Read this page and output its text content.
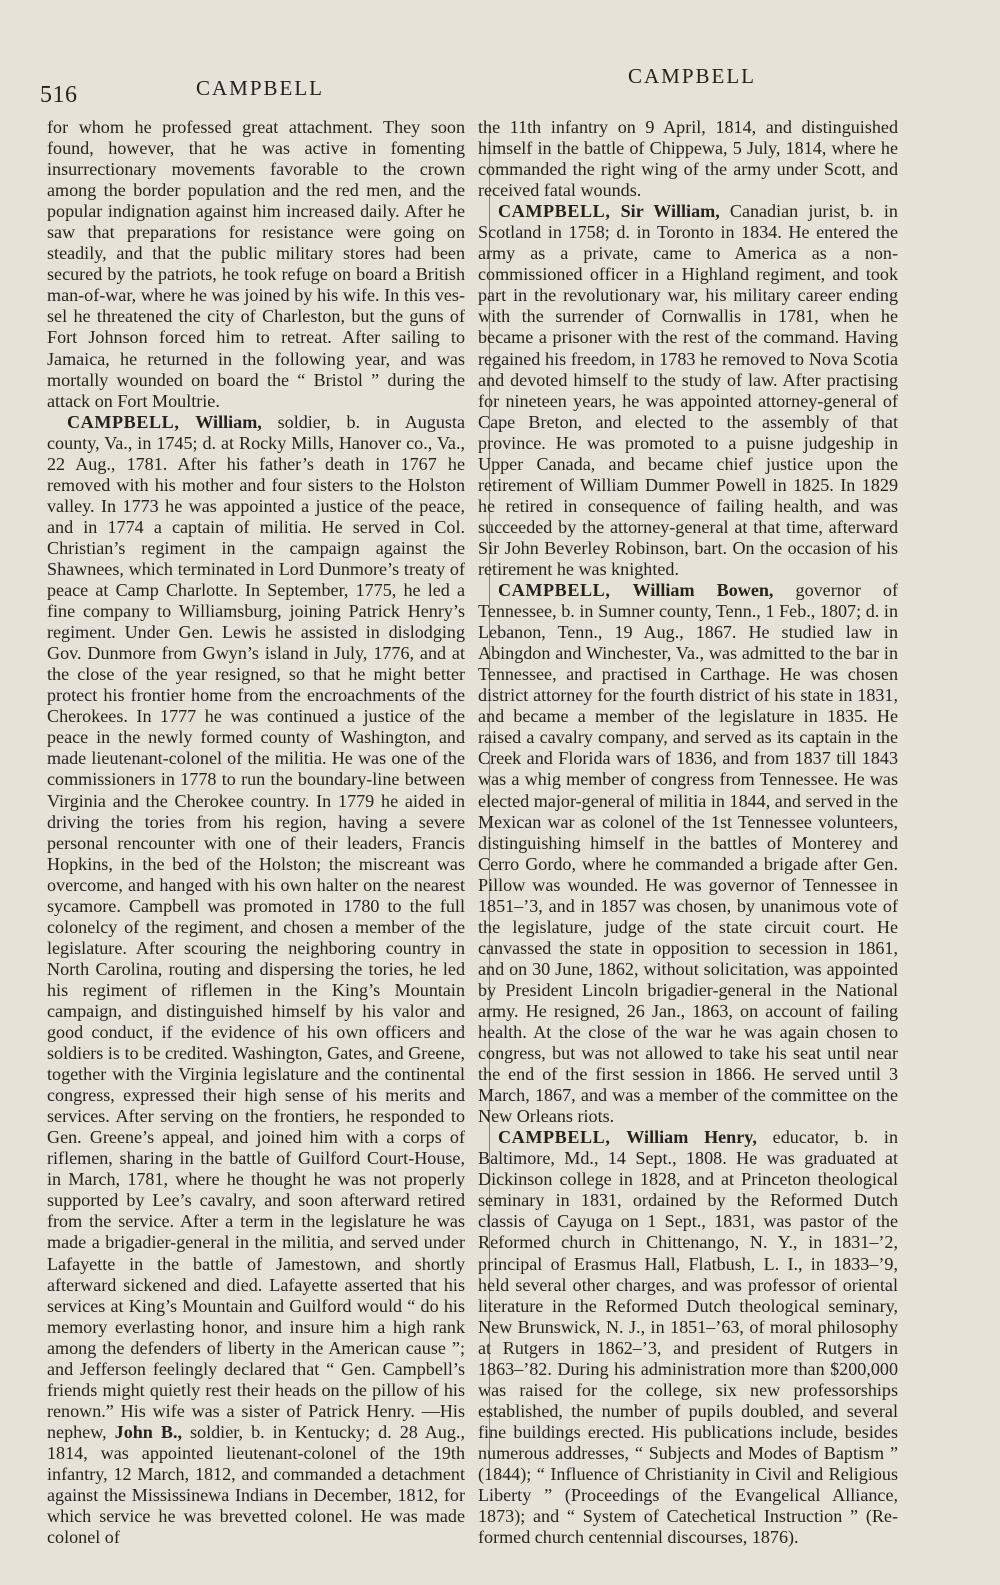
516	CAMPBELL	CAMPBELL

for whom he professed great attachment. They soon found, however, that he was active in fomenting insurrectionary movements favorable to the crown among the border population and the red men, and the popular indignation against him increased daily. After he saw that preparations for resistance were going on steadily, and that the public military stores had been secured by the patriots, he took refuge on board a British man-of-war, where he was joined by his wife. In this vessel he threatened the city of Charleston, but the guns of Fort Johnson forced him to retreat. After sailing to Jamaica, he returned in the following year, and was mortally wounded on board the “ Bristol ” during the attack on Fort Moultrie.

CAMPBELL, William, soldier, b. in Augusta county, Va., in 1745; d. at Rocky Mills, Hanover co., Va., 22 Aug., 1781. After his father’s death in 1767 he removed with his mother and four sisters to the Holston valley. In 1773 he was appointed a justice of the peace, and in 1774 a captain of militia. He served in Col. Christian’s regiment in the campaign against the Shawnees, which terminated in Lord Dunmore’s treaty of peace at Camp Charlotte. In September, 1775, he led a fine company to Williamsburg, joining Patrick Henry’s regiment. Under Gen. Lewis he assisted in dislodging Gov. Dunmore from Gwyn’s island in July, 1776, and at the close of the year resigned, so that he might better protect his frontier home from the encroachments of the Cherokees. In 1777 he was continued a justice of the peace in the newly formed county of Washington, and made lieutenant-colonel of the militia. He was one of the commissioners in 1778 to run the boundary-line between Virginia and the Cherokee country. In 1779 he aided in driving the tories from his region, having a severe personal rencounter with one of their leaders, Francis Hopkins, in the bed of the Holston; the miscreant was overcome, and hanged with his own halter on the nearest sycamore. Campbell was promoted in 1780 to the full colonelcy of the regiment, and chosen a member of the legislature. After scouring the neighboring country in North Carolina, routing and dispersing the tories, he led his regiment of riflemen in the King’s Mountain campaign, and distinguished himself by his valor and good conduct, if the evidence of his own officers and soldiers is to be credited. Washington, Gates, and Greene, together with the Virginia legislature and the continental congress, expressed their high sense of his merits and services. After serving on the frontiers, he responded to Gen. Greene’s appeal, and joined him with a corps of riflemen, sharing in the battle of Guilford Court-House, in March, 1781, where he thought he was not properly supported by Lee’s cavalry, and soon afterward retired from the service. After a term in the legislature he was made a brigadier-general in the militia, and served under Lafayette in the battle of Jamestown, and shortly afterward sickened and died. Lafayette asserted that his services at King’s Mountain and Guilford would “ do his memory everlasting honor, and insure him a high rank among the defenders of liberty in the American cause ”; and Jefferson feelingly declared that “ Gen. Campbell’s friends might quietly rest their heads on the pillow of his renown.” His wife was a sister of Patrick Henry. —His nephew, John B., soldier, b. in Kentucky; d. 28 Aug., 1814, was appointed lieutenant-colonel of the 19th infantry, 12 March, 1812, and commanded a detachment against the Mississinewa Indians in December, 1812, for which service he was brevetted colonel. He was made colonel of

the 11th infantry on 9 April, 1814, and distinguished himself in the battle of Chippewa, 5 July, 1814, where he commanded the right wing of the army under Scott, and received fatal wounds.

CAMPBELL, Sir William, Canadian jurist, b. in Scotland in 1758; d. in Toronto in 1834. He entered the army as a private, came to America as a non-commissioned officer in a Highland regiment, and took part in the revolutionary war, his military career ending with the surrender of Cornwallis in 1781, when he became a prisoner with the rest of the command. Having regained his freedom, in 1783 he removed to Nova Scotia and devoted himself to the study of law. After practising for nineteen years, he was appointed attorney-general of Cape Breton, and elected to the assembly of that province. He was promoted to a puisne judgeship in Upper Canada, and became chief justice upon the retirement of William Dummer Powell in 1825. In 1829 he retired in consequence of failing health, and was succeeded by the attorney-general at that time, afterward Sir John Beverley Robinson, bart. On the occasion of his retirement he was knighted.

CAMPBELL, William Bowen, governor of Tennessee, b. in Sumner county, Tenn., 1 Feb., 1807; d. in Lebanon, Tenn., 19 Aug., 1867. He studied law in Abingdon and Winchester, Va., was admitted to the bar in Tennessee, and practised in Carthage. He was chosen district attorney for the fourth district of his state in 1831, and became a member of the legislature in 1835. He raised a cavalry company, and served as its captain in the Creek and Florida wars of 1836, and from 1837 till 1843 was a whig member of congress from Tennessee. He was elected major-general of militia in 1844, and served in the Mexican war as colonel of the 1st Tennessee volunteers, distinguishing himself in the battles of Monterey and Cerro Gordo, where he commanded a brigade after Gen. Pillow was wounded. He was governor of Tennessee in 1851–’3, and in 1857 was chosen, by unanimous vote of the legislature, judge of the state circuit court. He canvassed the state in opposition to secession in 1861, and on 30 June, 1862, without solicitation, was appointed by President Lincoln brigadier-general in the National army. He resigned, 26 Jan., 1863, on account of failing health. At the close of the war he was again chosen to congress, but was not allowed to take his seat until near the end of the first session in 1866. He served until 3 March, 1867, and was a member of the committee on the New Orleans riots.

CAMPBELL, William Henry, educator, b. in Baltimore, Md., 14 Sept., 1808. He was graduated at Dickinson college in 1828, and at Princeton theological seminary in 1831, ordained by the Reformed Dutch classis of Cayuga on 1 Sept., 1831, was pastor of the Reformed church in Chittenango, N. Y., in 1831–’2, principal of Erasmus Hall, Flatbush, L. I., in 1833–’9, held several other charges, and was professor of oriental literature in the Reformed Dutch theological seminary, New Brunswick, N. J., in 1851–’63, of moral philosophy at Rutgers in 1862–’3, and president of Rutgers in 1863–’82. During his administration more than $200,000 was raised for the college, six new professorships established, the number of pupils doubled, and several fine buildings erected. His publications include, besides numerous addresses, “ Subjects and Modes of Baptism ” (1844); “ Influence of Christianity in Civil and Religious Liberty ” (Proceedings of the Evangelical Alliance, 1873); and “ System of Catechetical Instruction ” (Reformed church centennial discourses, 1876).
